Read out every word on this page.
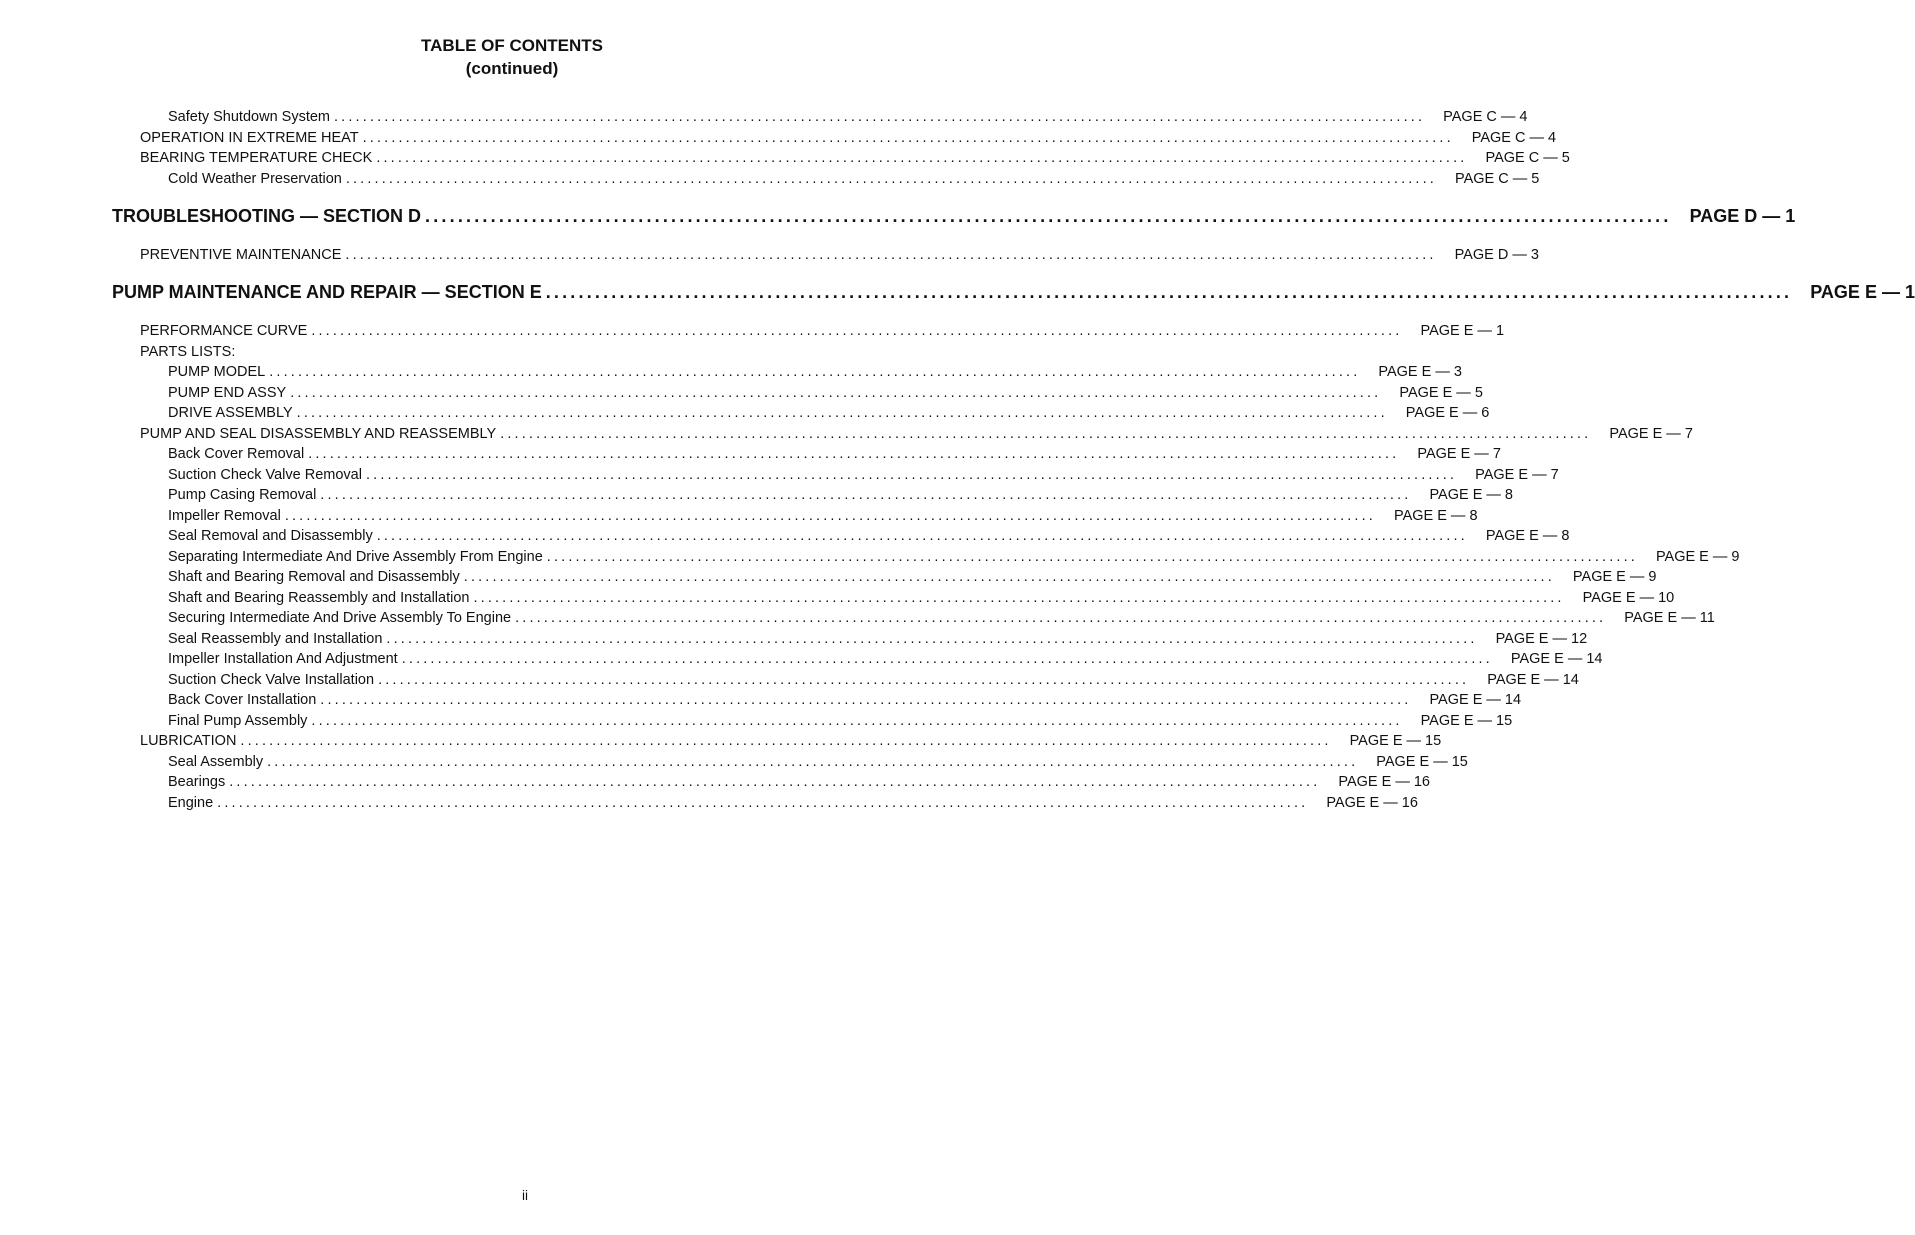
TABLE OF CONTENTS
(continued)
Safety Shutdown System ........................................................................................................................................................ PAGE C — 4
OPERATION IN EXTREME HEAT ........................................................................................................................................................ PAGE C — 4
BEARING TEMPERATURE CHECK ........................................................................................................................................................ PAGE C — 5
Cold Weather Preservation ........................................................................................................................................................ PAGE C — 5
TROUBLESHOOTING — SECTION D ........................................................................................................................................................ PAGE D — 1
PREVENTIVE MAINTENANCE ........................................................................................................................................................ PAGE D — 3
PUMP MAINTENANCE AND REPAIR — SECTION E ........................................................................................................................................................ PAGE E — 1
PERFORMANCE CURVE ........................................................................................................................................................ PAGE E — 1
PARTS LISTS:
PUMP MODEL ........................................................................................................................................................ PAGE E — 3
PUMP END ASSY ........................................................................................................................................................ PAGE E — 5
DRIVE ASSEMBLY ........................................................................................................................................................ PAGE E — 6
PUMP AND SEAL DISASSEMBLY AND REASSEMBLY ........................................................................................................................................................ PAGE E — 7
Back Cover Removal ........................................................................................................................................................ PAGE E — 7
Suction Check Valve Removal ........................................................................................................................................................ PAGE E — 7
Pump Casing Removal ........................................................................................................................................................ PAGE E — 8
Impeller Removal ........................................................................................................................................................ PAGE E — 8
Seal Removal and Disassembly ........................................................................................................................................................ PAGE E — 8
Separating Intermediate And Drive Assembly From Engine ........................................................................................................................................................ PAGE E — 9
Shaft and Bearing Removal and Disassembly ........................................................................................................................................................ PAGE E — 9
Shaft and Bearing Reassembly and Installation ........................................................................................................................................................ PAGE E — 10
Securing Intermediate And Drive Assembly To Engine ........................................................................................................................................................ PAGE E — 11
Seal Reassembly and Installation ........................................................................................................................................................ PAGE E — 12
Impeller Installation And Adjustment ........................................................................................................................................................ PAGE E — 14
Suction Check Valve Installation ........................................................................................................................................................ PAGE E — 14
Back Cover Installation ........................................................................................................................................................ PAGE E — 14
Final Pump Assembly ........................................................................................................................................................ PAGE E — 15
LUBRICATION ........................................................................................................................................................ PAGE E — 15
Seal Assembly ........................................................................................................................................................ PAGE E — 15
Bearings ........................................................................................................................................................ PAGE E — 16
Engine ........................................................................................................................................................ PAGE E — 16
ii
